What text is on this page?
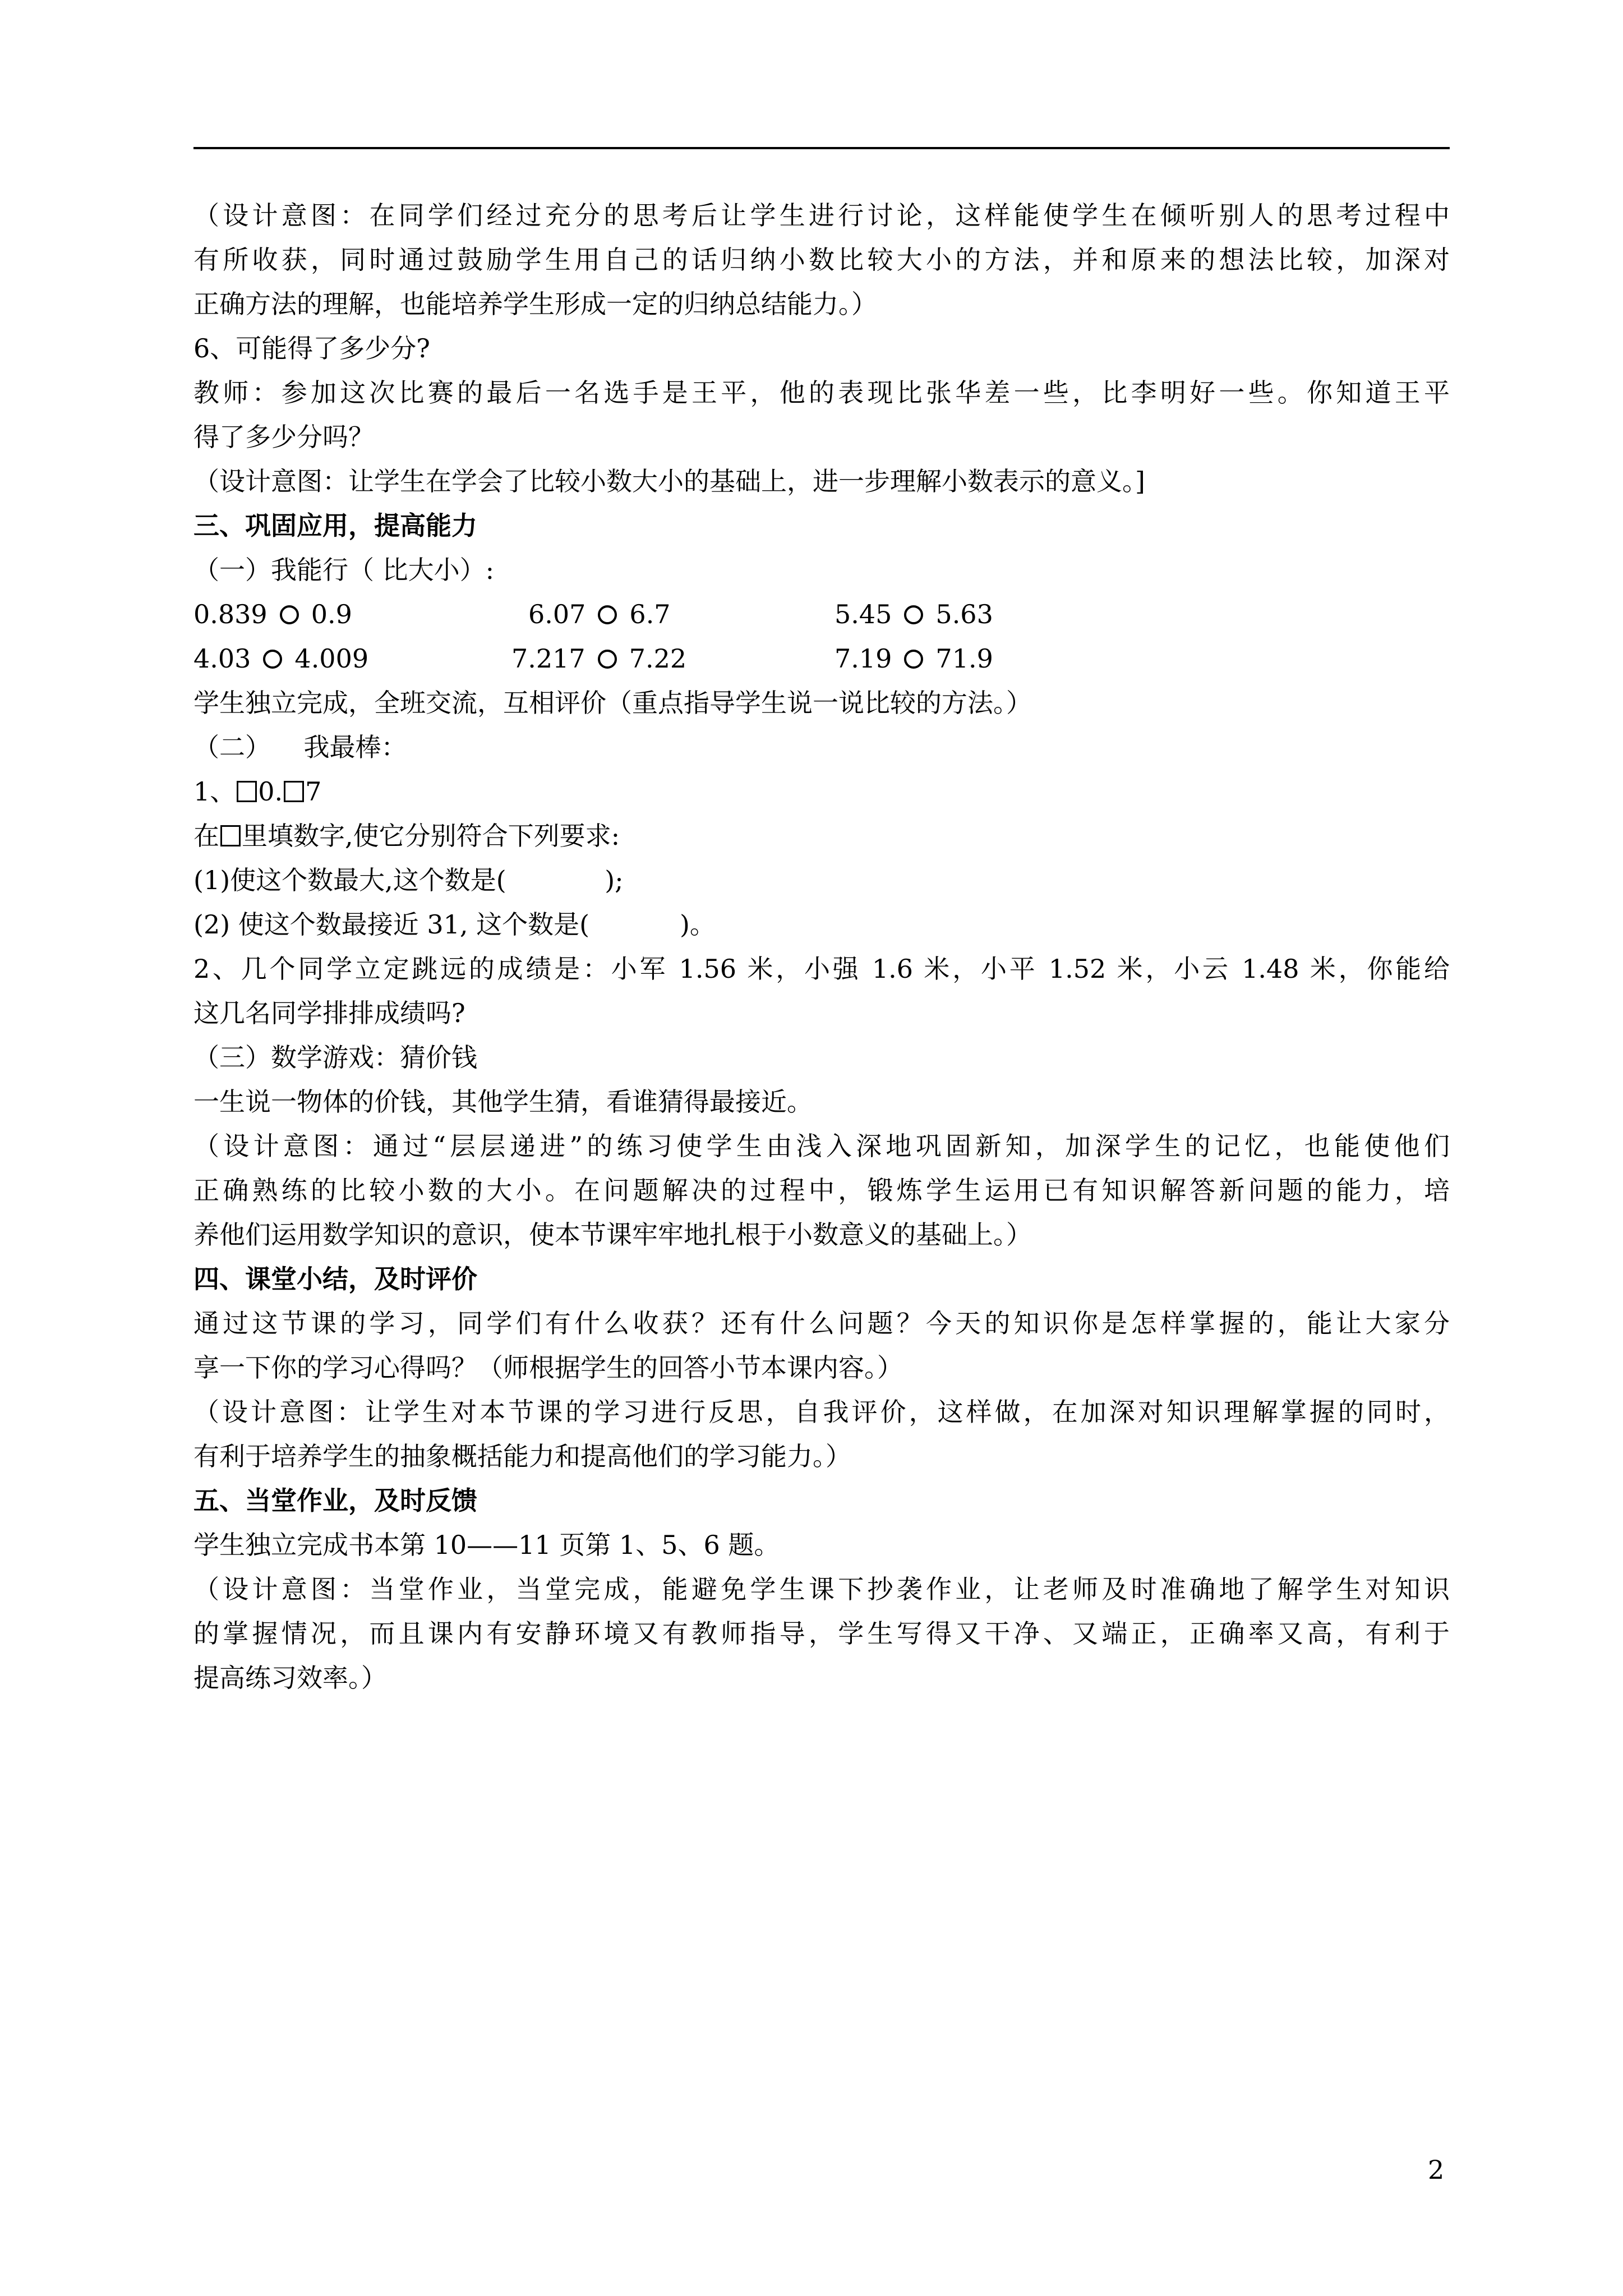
（设计意图：在同学们经过充分的思考后让学生进行讨论，这样能使学生在倾听别人的思考过程中
有所收获，同时通过鼓励学生用自己的话归纳小数比较大小的方法，并和原来的想法比较，加深对
正确方法的理解，也能培养学生形成一定的归纳总结能力。）
6、可能得了多少分?
教师：参加这次比赛的最后一名选手是王平，他的表现比张华差一些，比李明好一些。你知道王平
得了多少分吗？
（设计意图：让学生在学会了比较小数大小的基础上，进一步理解小数表示的意义。]
三、巩固应用，提高能力
（一）我能行（ 比大小）:
0.839 0.9	6.07 6.7	5.45 5.63
4.03 4.009	7.217 7.22	7.19 71.9
学生独立完成，全班交流，互相评价（重点指导学生说一说比较的方法。）
（二）    我最棒：
1、 0. 7
在 里填数字,使它分别符合下列要求:
(1)使这个数最大,这个数是(            );
(2) 使这个数最接近 31, 这个数是(           )。
2、几个同学立定跳远的成绩是：小军 1.56 米，小强 1.6 米，小平 1.52 米，小云 1.48 米，你能给
这几名同学排排成绩吗?
（三）数学游戏：猜价钱
一生说一物体的价钱，其他学生猜，看谁猜得最接近。
（设计意图：通过“层层递进”的练习使学生由浅入深地巩固新知，加深学生的记忆，也能使他们
正确熟练的比较小数的大小。在问题解决的过程中，锻炼学生运用已有知识解答新问题的能力，培
养他们运用数学知识的意识，使本节课牢牢地扎根于小数意义的基础上。）
四、课堂小结，及时评价
通过这节课的学习，同学们有什么收获？还有什么问题？今天的知识你是怎样掌握的，能让大家分
享一下你的学习心得吗？（师根据学生的回答小节本课内容。）
（设计意图：让学生对本节课的学习进行反思，自我评价，这样做，在加深对知识理解掌握的同时，
有利于培养学生的抽象概括能力和提高他们的学习能力。）
五、当堂作业，及时反馈
学生独立完成书本第 10——11 页第 1、5、6 题。
（设计意图：当堂作业，当堂完成，能避免学生课下抄袭作业，让老师及时准确地了解学生对知识
的掌握情况，而且课内有安静环境又有教师指导，学生写得又干净、又端正，正确率又高，有利于
提高练习效率。）
2
